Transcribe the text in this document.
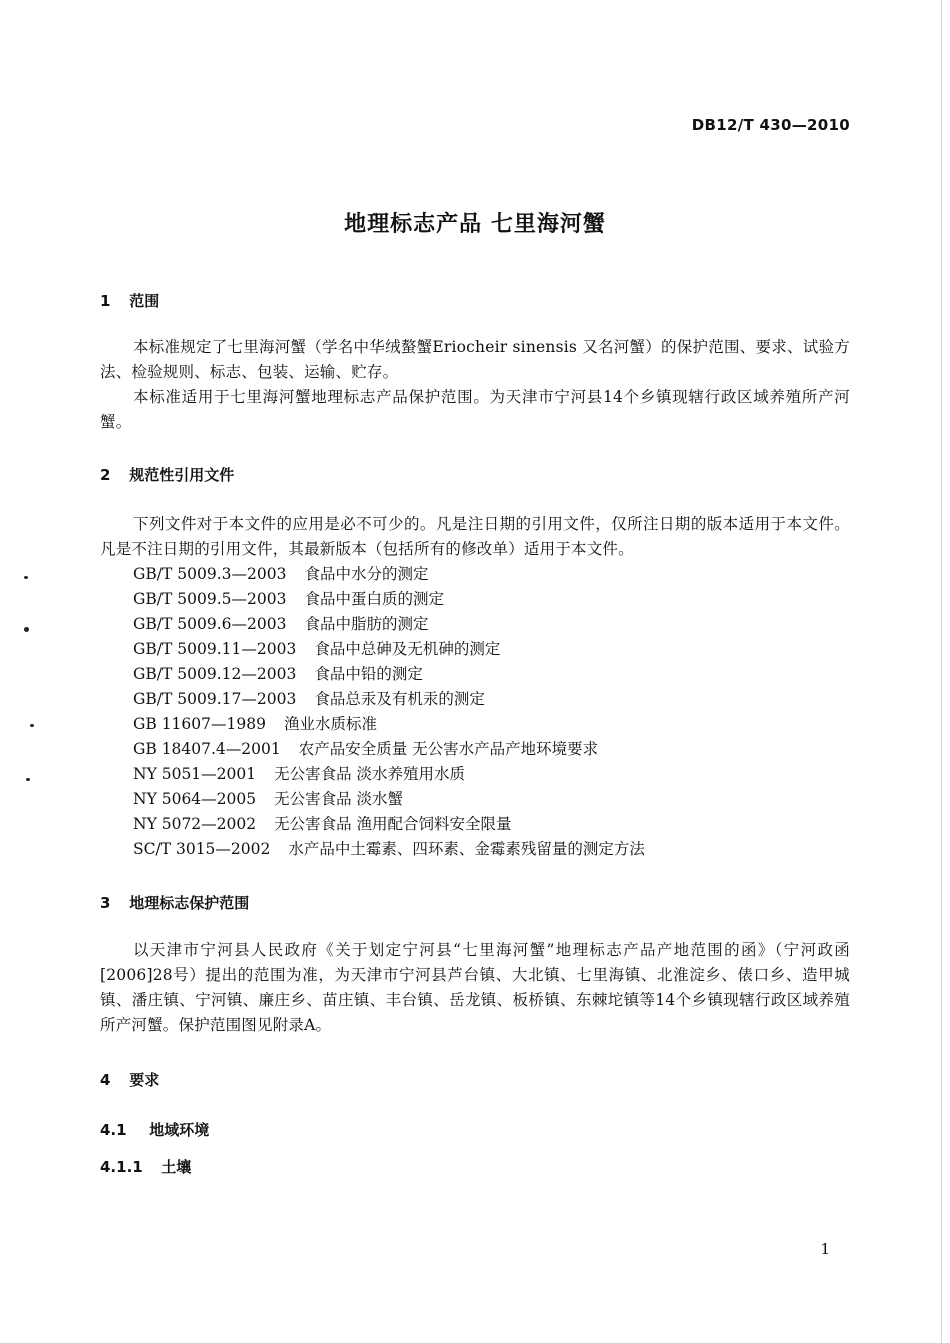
DB12/T 430—2010
地理标志产品 七里海河蟹
1 范围
本标准规定了七里海河蟹（学名中华绒螯蟹Eriocheir sinensis 又名河蟹）的保护范围、要求、试验方法、检验规则、标志、包装、运输、贮存。
本标准适用于七里海河蟹地理标志产品保护范围。为天津市宁河县14个乡镇现辖行政区域养殖所产河蟹。
2 规范性引用文件
下列文件对于本文件的应用是必不可少的。凡是注日期的引用文件，仅所注日期的版本适用于本文件。凡是不注日期的引用文件，其最新版本（包括所有的修改单）适用于本文件。
GB/T 5009.3—2003 食品中水分的测定
GB/T 5009.5—2003 食品中蛋白质的测定
GB/T 5009.6—2003 食品中脂肪的测定
GB/T 5009.11—2003 食品中总砷及无机砷的测定
GB/T 5009.12—2003 食品中铅的测定
GB/T 5009.17—2003 食品总汞及有机汞的测定
GB 11607—1989 渔业水质标准
GB 18407.4—2001 农产品安全质量 无公害水产品产地环境要求
NY 5051—2001 无公害食品 淡水养殖用水质
NY 5064—2005 无公害食品 淡水蟹
NY 5072—2002 无公害食品 渔用配合饲料安全限量
SC/T 3015—2002 水产品中土霉素、四环素、金霉素残留量的测定方法
3 地理标志保护范围
以天津市宁河县人民政府《关于划定宁河县“七里海河蟹”地理标志产品产地范围的函》（宁河政函[2006]28号）提出的范围为准，为天津市宁河县芦台镇、大北镇、七里海镇、北淮淀乡、俵口乡、造甲城镇、潘庄镇、宁河镇、廉庄乡、苗庄镇、丰台镇、岳龙镇、板桥镇、东棘坨镇等14个乡镇现辖行政区域养殖所产河蟹。保护范围图见附录A。
4 要求
4.1 地域环境
4.1.1 土壤
1
